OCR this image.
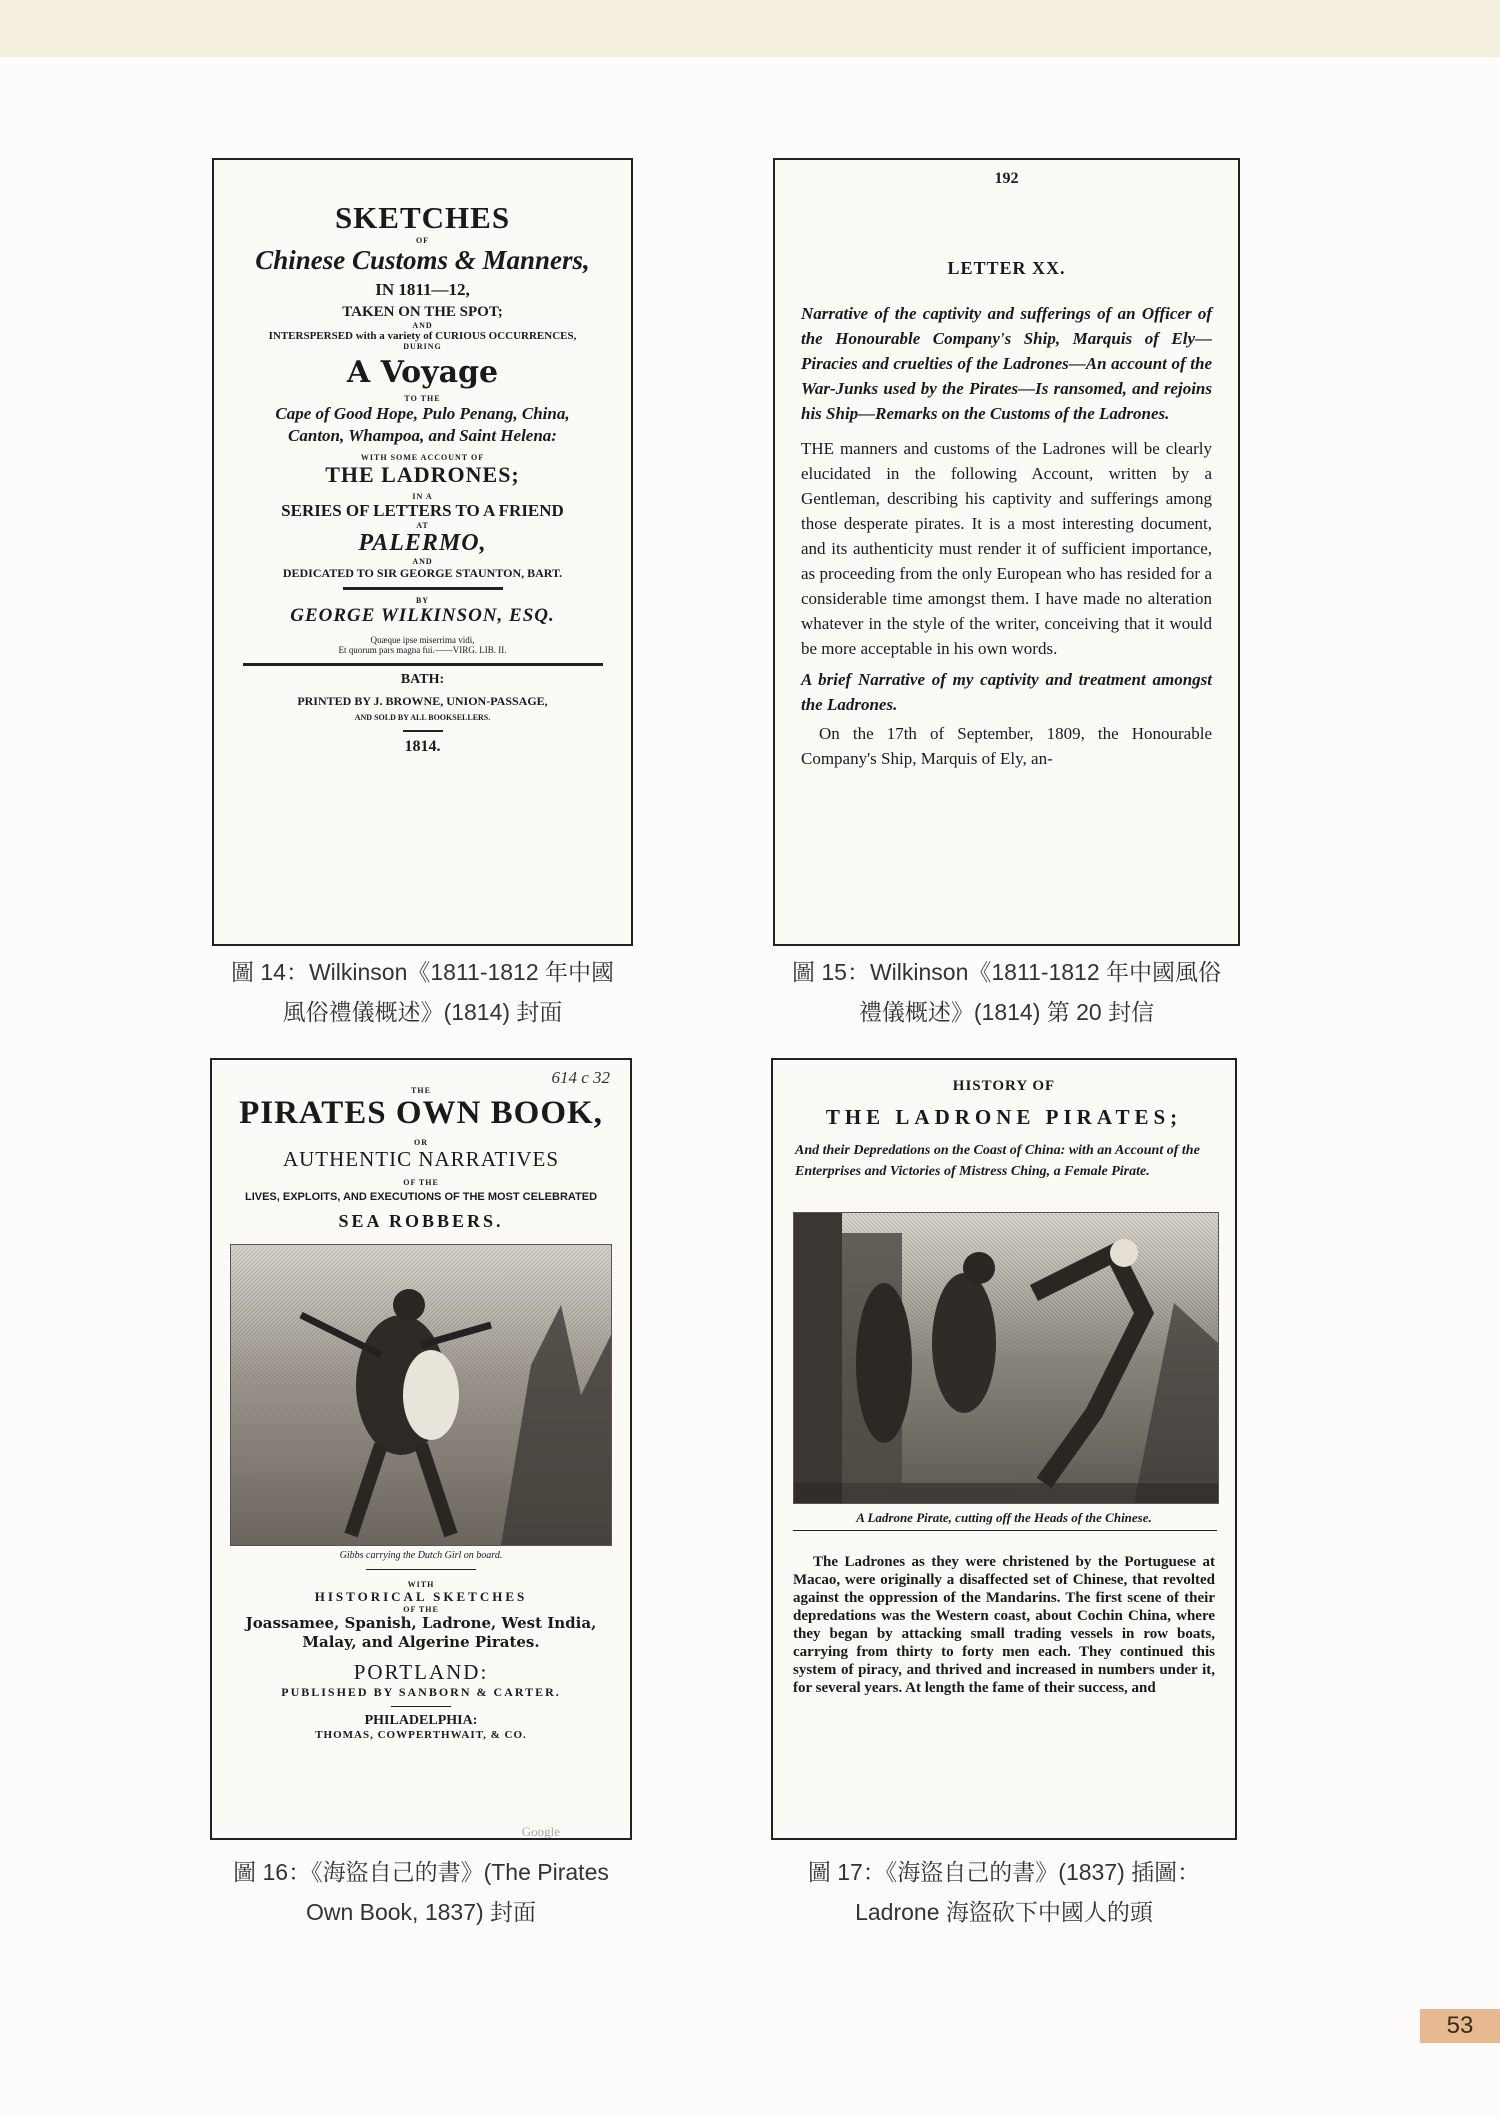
SKETCHES

OF

Chinese Customs & Manners,

IN 1811—12,

TAKEN ON THE SPOT;

AND

INTERSPERSED with a variety of CURIOUS OCCURRENCES,

DURING

A Voyage

TO THE

Cape of Good Hope, Pulo Penang, China, Canton, Whampoa, and Saint Helena:

WITH SOME ACCOUNT OF

THE LADRONES;

IN A

SERIES OF LETTERS TO A FRIEND

AT

PALERMO,

AND

DEDICATED TO SIR GEORGE STAUNTON, BART.

BY

GEORGE WILKINSON, ESQ.

Quæque ipse miserrima vidi,

Et quorum pars magna fui.——VIRG. LIB. II.

BATH:

PRINTED BY J. BROWNE, UNION-PASSAGE,

AND SOLD BY ALL BOOKSELLERS.

1814.

圖 14：Wilkinson《1811-1812 年中國
風俗禮儀概述》(1814) 封面
192
LETTER XX.

Narrative of the captivity and sufferings of an Officer of the Honourable Company's Ship, Marquis of Ely—Piracies and cruelties of the Ladrones—An account of the War-Junks used by the Pirates—Is ransomed, and rejoins his Ship—Remarks on the Customs of the Ladrones.

THE manners and customs of the Ladrones will be clearly elucidated in the following Account, written by a Gentleman, describing his captivity and sufferings among those desperate pirates. It is a most interesting document, and its authenticity must render it of sufficient importance, as proceeding from the only European who has resided for a considerable time amongst them. I have made no alteration whatever in the style of the writer, conceiving that it would be more acceptable in his own words.

A brief Narrative of my captivity and treatment amongst the Ladrones.

On the 17th of September, 1809, the Honourable Company's Ship, Marquis of Ely, an-

圖 15：Wilkinson《1811-1812 年中國風俗
禮儀概述》(1814) 第 20 封信
614 c 32
THE
PIRATES OWN BOOK,
OR
AUTHENTIC NARRATIVES
OF THE
LIVES, EXPLOITS, AND EXECUTIONS OF THE MOST CELEBRATED
SEA ROBBERS.
Gibbs carrying the Dutch Girl on board.
WITH
HISTORICAL SKETCHES
OF THE
Joassamee, Spanish, Ladrone, West India, Malay, and Algerine Pirates.
PORTLAND:
PUBLISHED BY SANBORN & CARTER.
PHILADELPHIA:
THOMAS, COWPERTHWAIT, & CO.
Google
圖 16：《海盜自己的書》(The Pirates
Own Book, 1837) 封面
HISTORY OF
THE LADRONE PIRATES;
And their Depredations on the Coast of China: with an Account of the Enterprises and Victories of Mistress Ching, a Female Pirate.
A Ladrone Pirate, cutting off the Heads of the Chinese.
The Ladrones as they were christened by the Portuguese at Macao, were originally a disaffected set of Chinese, that revolted against the oppression of the Mandarins. The first scene of their depredations was the Western coast, about Cochin China, where they began by attacking small trading vessels in row boats, carrying from thirty to forty men each. They continued this system of piracy, and thrived and increased in numbers under it, for several years. At length the fame of their success, and
圖 17：《海盜自己的書》(1837) 插圖：
Ladrone 海盜砍下中國人的頭
53
